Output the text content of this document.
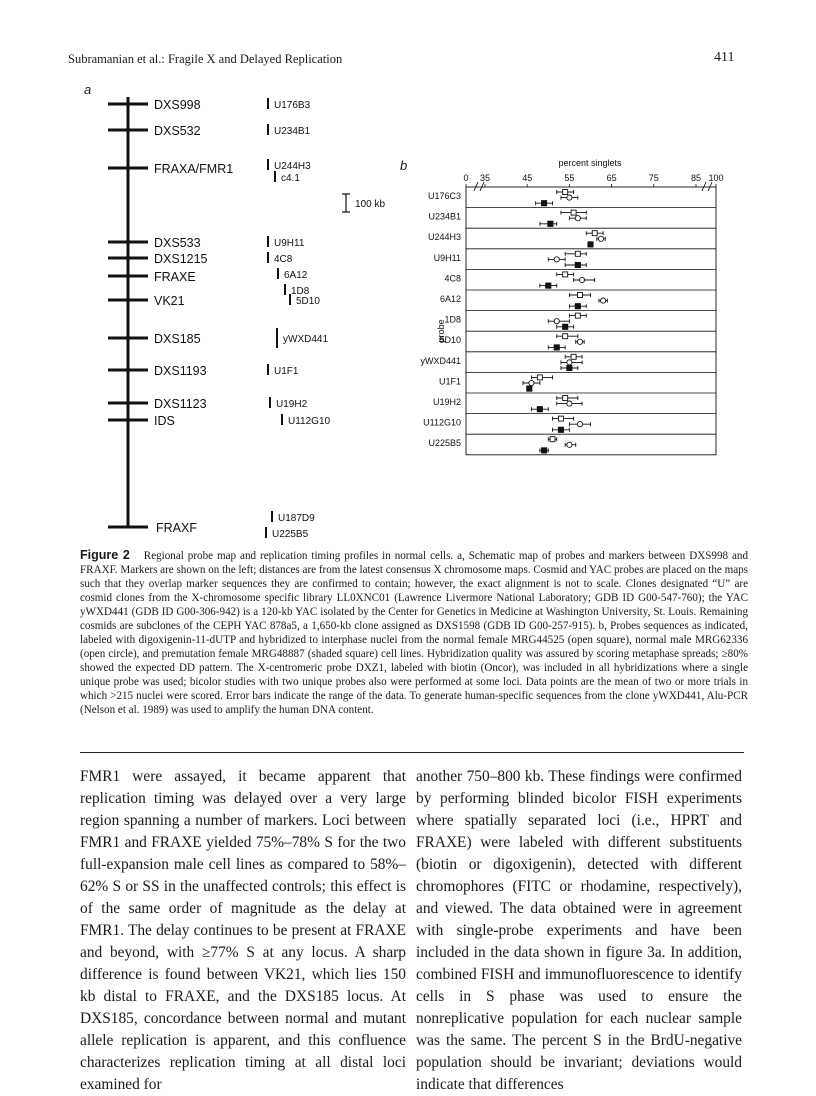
Subramanian et al.: Fragile X and Delayed Replication	411
a
b
DXS998	U176B3
DXS532	U234B1
FRAXA/FMR1	U244H3
c4.1
DXS533	U9H11
DXS1215	4C8
FRAXE	6A12
1D8
VK21	5D10
DXS185	yWXD441
DXS1193	U1F1
DXS1123	U19H2
IDS	U112G10
FRAXF
U187D9
U225B5
100 kb
percent singlets
0 35	45	55	65	75	85 100
probe
U176C3
U234B1
U244H3
U9H11
4C8
6A12
1D8
5D10
yWXD441
U1F1
U19H2
U112G10
U225B5
Figure 2 Regional probe map and replication timing profiles in normal cells. a, Schematic map of probes and markers between DXS998 and FRAXF. Markers are shown on the left; distances are from the latest consensus X chromosome maps. Cosmid and YAC probes are placed on the maps such that they overlap marker sequences they are confirmed to contain; however, the exact alignment is not to scale. Clones designated “U” are cosmid clones from the X-chromosome specific library LL0XNC01 (Lawrence Livermore National Laboratory; GDB ID G00-547-760); the YAC yWXD441 (GDB ID G00-306-942) is a 120-kb YAC isolated by the Center for Genetics in Medicine at Washington University, St. Louis. Remaining cosmids are subclones of the CEPH YAC 878a5, a 1,650-kb clone assigned as DXS1598 (GDB ID G00-257-915). b, Probes sequences as indicated, labeled with digoxigenin-11-dUTP and hybridized to interphase nuclei from the normal female MRG44525 (open square), normal male MRG62336 (open circle), and premutation female MRG48887 (shaded square) cell lines. Hybridization quality was assured by scoring metaphase spreads; ≥80% showed the expected DD pattern. The X-centromeric probe DXZ1, labeled with biotin (Oncor), was included in all hybridizations where a single unique probe was used; bicolor studies with two unique probes also were performed at some loci. Data points are the mean of two or more trials in which >215 nuclei were scored. Error bars indicate the range of the data. To generate human-specific sequences from the clone yWXD441, Alu-PCR (Nelson et al. 1989) was used to amplify the human DNA content.
FMR1 were assayed, it became apparent that replication timing was delayed over a very large region spanning a number of markers. Loci between FMR1 and FRAXE yielded 75%–78% S for the two full-expansion male cell lines as compared to 58%–62% S or SS in the unaffected controls; this effect is of the same order of magnitude as the delay at FMR1. The delay continues to be present at FRAXE and beyond, with ≥77% S at any locus. A sharp difference is found between VK21, which lies 150 kb distal to FRAXE, and the DXS185 locus. At DXS185, concordance between normal and mutant allele replication is apparent, and this confluence characterizes replication timing at all distal loci examined for
another 750–800 kb. These findings were confirmed by performing blinded bicolor FISH experiments where spatially separated loci (i.e., HPRT and FRAXE) were labeled with different substituents (biotin or digoxigenin), detected with different chromophores (FITC or rhodamine, respectively), and viewed. The data obtained were in agreement with single-probe experiments and have been included in the data shown in figure 3a. In addition, combined FISH and immunofluorescence to identify cells in S phase was used to ensure the nonreplicative population for each nuclear sample was the same. The percent S in the BrdU-negative population should be invariant; deviations would indicate that differences
